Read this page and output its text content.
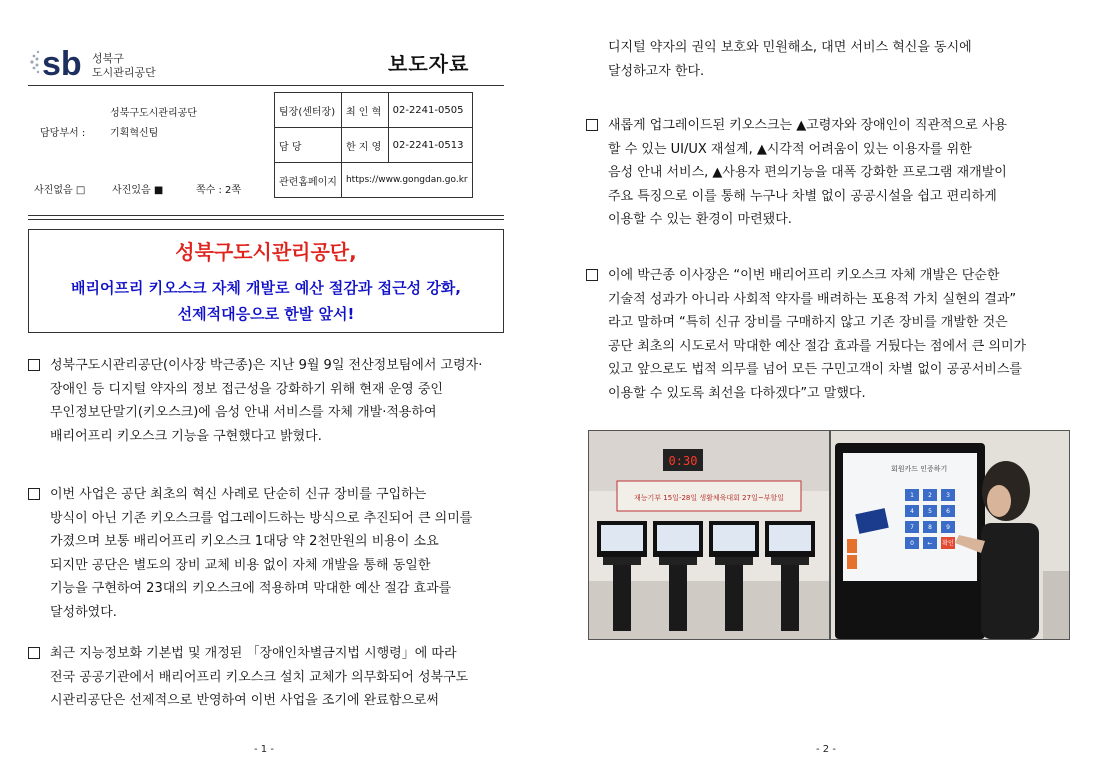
sb 성북구
도시관리공단	보도자료
성북구도시관리공단
담당부서 : 기획혁신팀
사진없음 □	사진있음 ■	쪽수 : 2쪽
팀장(센터장)	최 인 혁	02-2241-0505
담 당	한 지 영	02-2241-0513
관련홈페이지	https://www.gongdan.go.kr	
성북구도시관리공단,
배리어프리 키오스크 자체 개발로 예산 절감과 접근성 강화,
선제적대응으로 한발 앞서!
성북구도시관리공단(이사장 박근종)은 지난 9월 9일 전산정보팀에서 고령자·
장애인 등 디지털 약자의 정보 접근성을 강화하기 위해 현재 운영 중인
무인정보단말기(키오스크)에 음성 안내 서비스를 자체 개발·적용하여
배리어프리 키오스크 기능을 구현했다고 밝혔다.
이번 사업은 공단 최초의 혁신 사례로 단순히 신규 장비를 구입하는
방식이 아닌 기존 키오스크를 업그레이드하는 방식으로 추진되어 큰 의미를
가졌으며 보통 배리어프리 키오스크 1대당 약 2천만원의 비용이 소요
되지만 공단은 별도의 장비 교체 비용 없이 자체 개발을 통해 동일한
기능을 구현하여 23대의 키오스크에 적용하며 막대한 예산 절감 효과를
달성하였다.
최근 지능정보화 기본법 및 개정된 「장애인차별금지법 시행령」에 따라
전국 공공기관에서 배리어프리 키오스크 설치 교체가 의무화되어 성북구도
시관리공단은 선제적으로 반영하여 이번 사업을 조기에 완료함으로써
- 1 -
디지털 약자의 권익 보호와 민원해소, 대면 서비스 혁신을 동시에
달성하고자 한다.
새롭게 업그레이드된 키오스크는 ▲고령자와 장애인이 직관적으로 사용
할 수 있는 UI/UX 재설계, ▲시각적 어려움이 있는 이용자를 위한
음성 안내 서비스, ▲사용자 편의기능을 대폭 강화한 프로그램 재개발이
주요 특징으로 이를 통해 누구나 차별 없이 공공시설을 쉽고 편리하게
이용할 수 있는 환경이 마련됐다.
이에 박근종 이사장은 “이번 배리어프리 키오스크 자체 개발은 단순한
기술적 성과가 아니라 사회적 약자를 배려하는 포용적 가치 실현의 결과”
라고 말하며 “특히 신규 장비를 구매하지 않고 기존 장비를 개발한 것은
공단 최초의 시도로서 막대한 예산 절감 효과를 거뒀다는 점에서 큰 의미가
있고 앞으로도 법적 의무를 넘어 모든 구민고객이 차별 없이 공공서비스를
이용할 수 있도록 최선을 다하겠다”고 말했다.
0:30
재능기부 15일-28일 생활체육대회 27일~부할일
회원카드 인증하기
1 2 3
4 5 6
7 8 9
0 ← 확인
- 2 -
